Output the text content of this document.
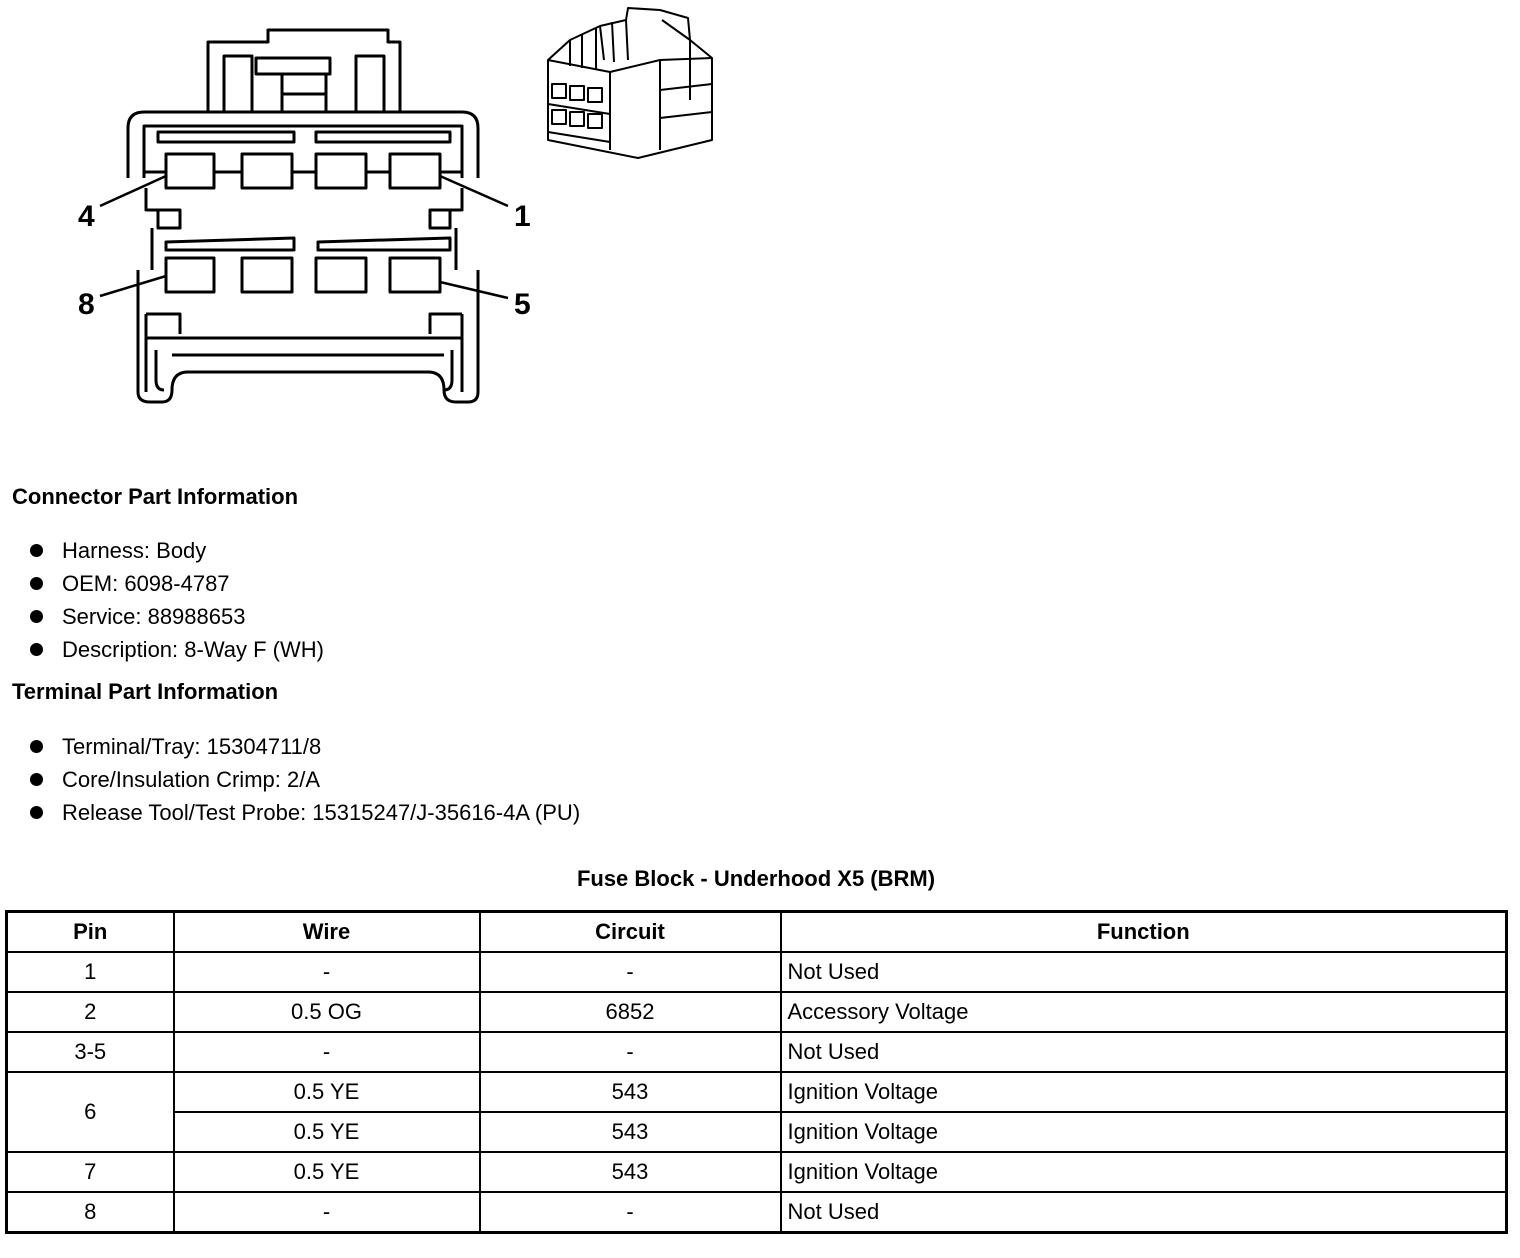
4	1
8	5
Connector Part Information
Harness: Body
OEM: 6098-4787
Service: 88988653
Description: 8-Way F (WH)
Terminal Part Information
Terminal/Tray: 15304711/8
Core/Insulation Crimp: 2/A
Release Tool/Test Probe: 15315247/J-35616-4A (PU)
Fuse Block - Underhood X5 (BRM)
Pin	Wire	Circuit	Function
1	-	-	Not Used
2	0.5 OG	6852	Accessory Voltage
3-5	-	-	Not Used
6	0.5 YE	543	Ignition Voltage
	0.5 YE	543	Ignition Voltage
7	0.5 YE	543	Ignition Voltage
8	-	-	Not Used
